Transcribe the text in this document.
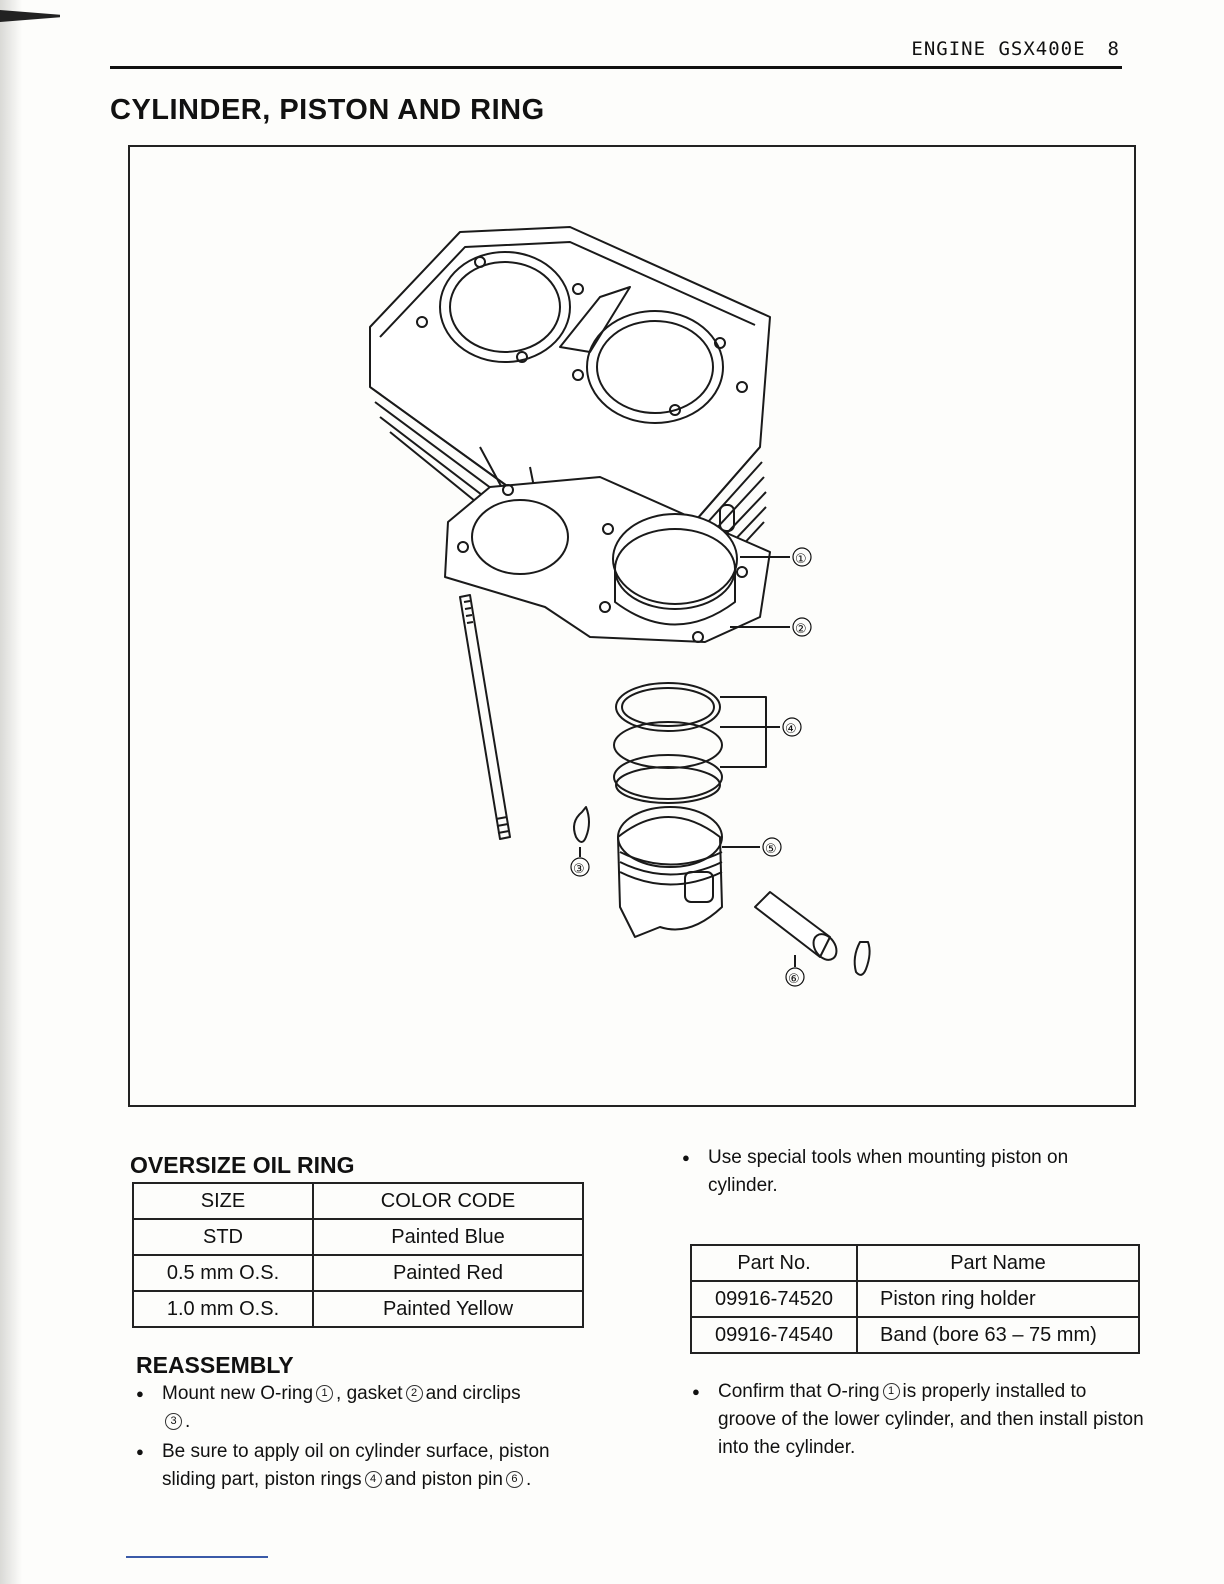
ENGINE GSX400E 8
CYLINDER, PISTON AND RING
①
②
③
④
⑤
⑥
OVERSIZE OIL RING
SIZE	COLOR CODE
STD	Painted Blue
0.5 mm O.S.	Painted Red
1.0 mm O.S.	Painted Yellow
REASSEMBLY
● Mount new O-ring 1 , gasket 2 and circlips
3 .
● Be sure to apply oil on cylinder surface, piston sliding part, piston rings 4 and piston pin 6 .
● Use special tools when mounting piston on cylinder.
Part No.	Part Name
09916-74520	Piston ring holder
09916-74540	Band (bore 63 – 75 mm)
● Confirm that O-ring 1 is properly installed to groove of the lower cylinder, and then install piston into the cylinder.
